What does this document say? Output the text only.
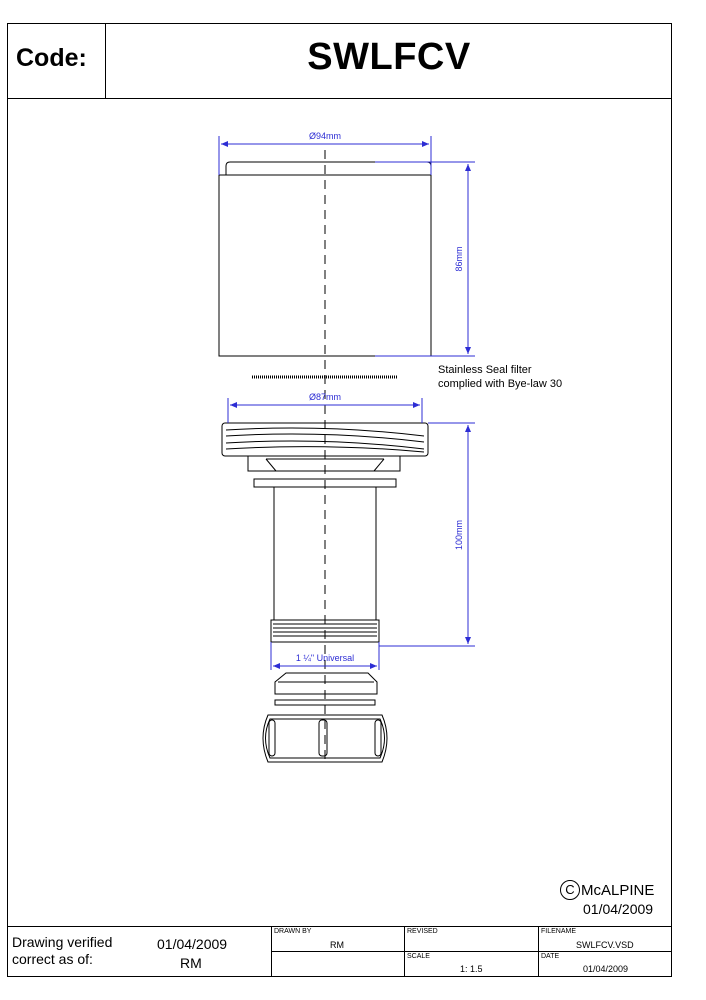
Code:	SWLFCV
Ø94mm
86mm
Ø87mm
100mm
1 ¼" Universal
Stainless Seal filter
complied with Bye-law 30
C McALPINE
01/04/2009
Drawing verified
correct as of:
01/04/2009
RM
DRAWN BY
RM
REVISED	FILENAME
SWLFCV.VSD
SCALE
1: 1.5
DATE
01/04/2009
